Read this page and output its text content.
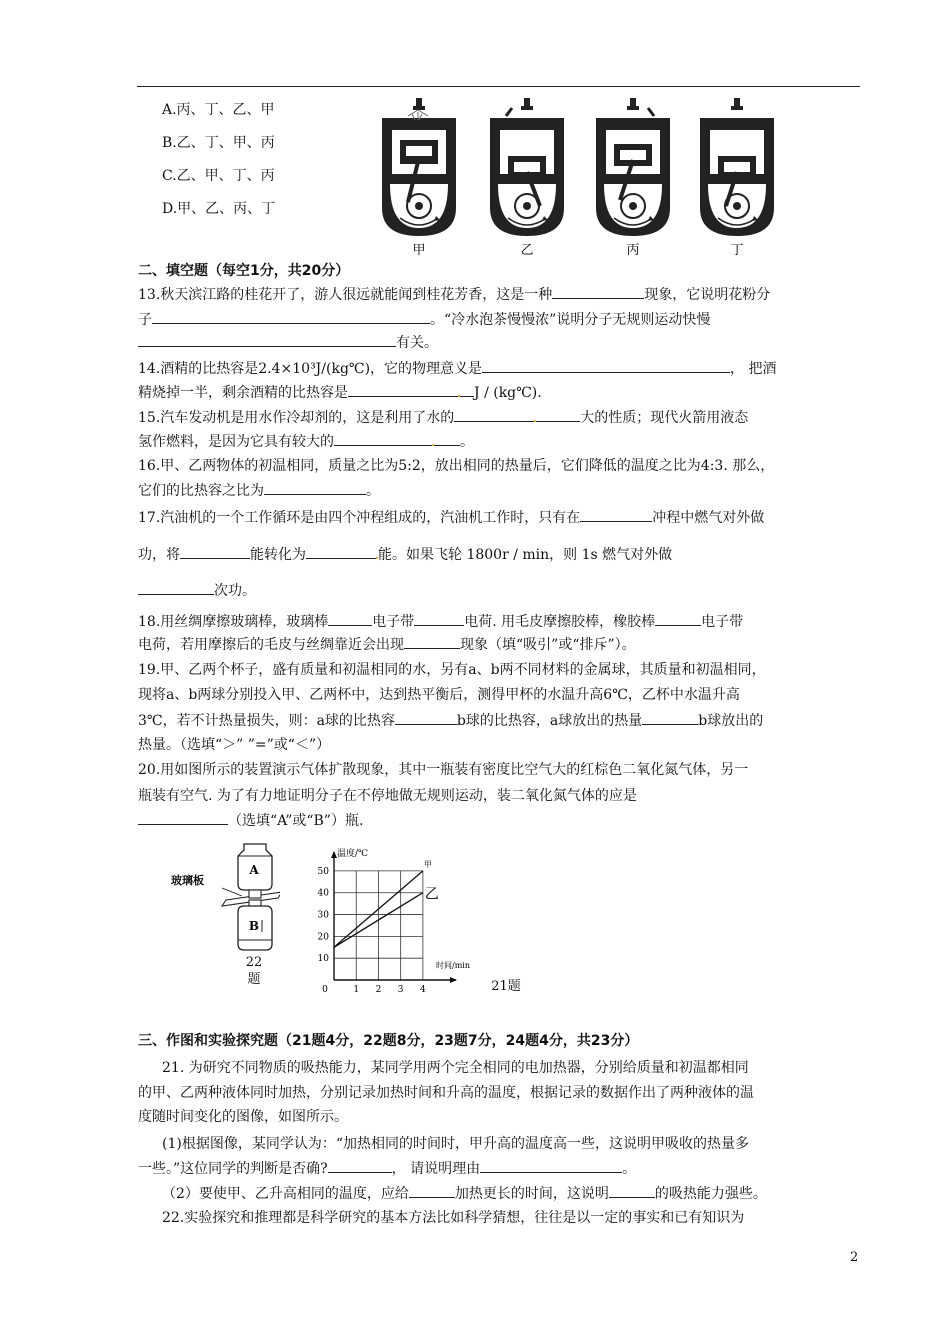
A.丙、丁、乙、甲
B.乙、丁、甲、丙
C.乙、甲、丁、丙
D.甲、乙、丙、丁
甲	乙	丙	丁
二、填空题（每空1分，共20分）
13.秋天滨江路的桂花开了，游人很远就能闻到桂花芳香，这是一种	现象，它说明花粉分
子	。“冷水泡茶慢慢浓”说明分子无规则运动快慢
有关。
14.酒精的比热容是2.4×10³J/(kg℃)，它的物理意义是	， 把酒
精烧掉一半，剩余酒精的比热容是	J / (kg℃).
15.汽车发动机是用水作冷却剂的，这是利用了水的	大的性质；现代火箭用液态
氢作燃料，是因为它具有较大的	。
16.甲、乙两物体的初温相同，质量之比为5:2，放出相同的热量后，它们降低的温度之比为4:3. 那么，
它们的比热容之比为	。
17.汽油机的一个工作循环是由四个冲程组成的，汽油机工作时，只有在	冲程中燃气对外做
功，将	能转化为	能。如果飞轮 1800r / min，则 1s 燃气对外做
次功。
18.用丝绸摩擦玻璃棒，玻璃棒	电子带	电荷. 用毛皮摩擦胶棒，橡胶棒	电子带
电荷，若用摩擦后的毛皮与丝绸靠近会出现	现象（填“吸引”或“排斥”）。
19.甲、乙两个杯子，盛有质量和初温相同的水，另有a、b两不同材料的金属球，其质量和初温相同，
现将a、b两球分别投入甲、乙两杯中，达到热平衡后，测得甲杯的水温升高6℃，乙杯中水温升高
3℃，若不计热量损失，则：a球的比热容	b球的比热容，a球放出的热量	b球放出的
热量。（选填“＞” ”=”或“＜”）
20.用如图所示的装置演示气体扩散现象，其中一瓶装有密度比空气大的红棕色二氧化氮气体，另一
瓶装有空气. 为了有力地证明分子在不停地做无规则运动，装二氧化氮气体的应是
（选填“A”或“B”）瓶.
A
B
玻璃板
22
题
10
20
30
40
50
0	1 2 3 4
温度/℃
时间/min
甲
乙
21题
三、作图和实验探究题（21题4分，22题8分，23题7分，24题4分，共23分）
21. 为研究不同物质的吸热能力，某同学用两个完全相同的电加热器，分别给质量和初温都相同
的甲、乙两种液体同时加热，分别记录加热时间和升高的温度，根据记录的数据作出了两种液体的温
度随时间变化的图像，如图所示。
(1)根据图像，某同学认为：“加热相同的时间时，甲升高的温度高一些，这说明甲吸收的热量多
一些。”这位同学的判断是否确?	， 请说明理由	。
（2）要使甲、乙升高相同的温度，应给	加热更长的时间，这说明	的吸热能力强些。
22.实验探究和推理都是科学研究的基本方法比如科学猜想，往往是以一定的事实和已有知识为
2
